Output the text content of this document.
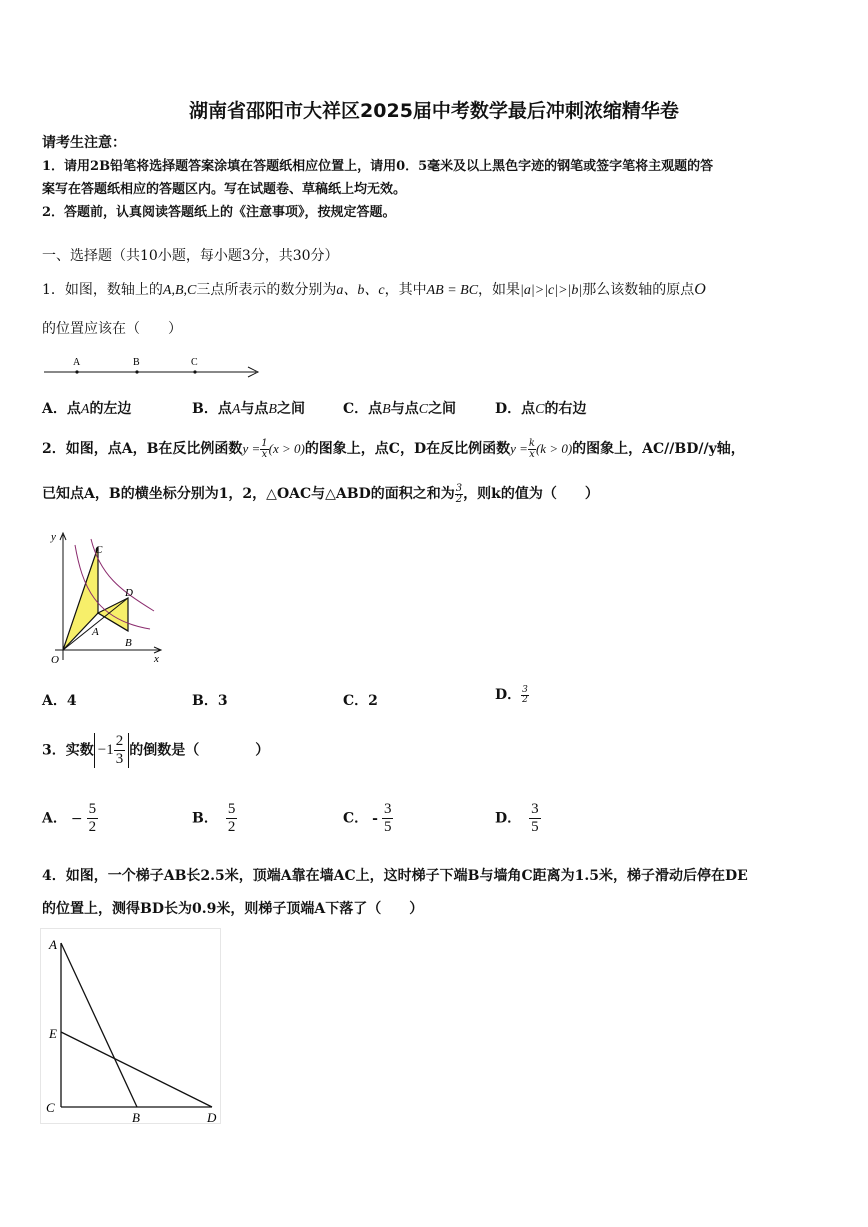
湖南省邵阳市大祥区2025届中考数学最后冲刺浓缩精华卷
请考生注意：
1．请用2B铅笔将选择题答案涂填在答题纸相应位置上，请用0．5毫米及以上黑色字迹的钢笔或签字笔将主观题的答
案写在答题纸相应的答题区内。写在试题卷、草稿纸上均无效。
2．答题前，认真阅读答题纸上的《注意事项》，按规定答题。
一、选择题（共10小题，每小题3分，共30分）
1．如图，数轴上的A,B,C三点所表示的数分别为a、b、c，其中AB = BC，如果|a|>|c|>|b|那么该数轴的原点O
的位置应该在（　　）
A	B	C
A．点A的左边	B．点A与点B之间	C．点B与点C之间	D．点C的右边
2．如图，点A，B在反比例函数$y = \frac{1}{x} (x > 0)$的图象上，点C，D在反比例函数$y = \frac{k}{x} (k > 0)$的图象上，AC//BD//y轴，
已知点A，B的横坐标分别为1，2，△OAC与△ABD的面积之和为 $\frac{3}{2}$ ，则k的值为（　　）
y
C
D
A
B
O	x
A．4	B．3	C．2	D． $\frac{3}{2}$
3．实数 $-1 \frac{2}{3}$ 的倒数是（　　　　）
A． − $\frac{5}{2}$	B． $\frac{5}{2}$	C． - $\frac{3}{5}$	D． $\frac{3}{5}$
4．如图，一个梯子AB长2.5米，顶端A靠在墙AC上，这时梯子下端B与墙角C距离为1.5米，梯子滑动后停在DE
的位置上，测得BD长为0.9米，则梯子顶端A下落了（　　）
A
E
C
B	D
